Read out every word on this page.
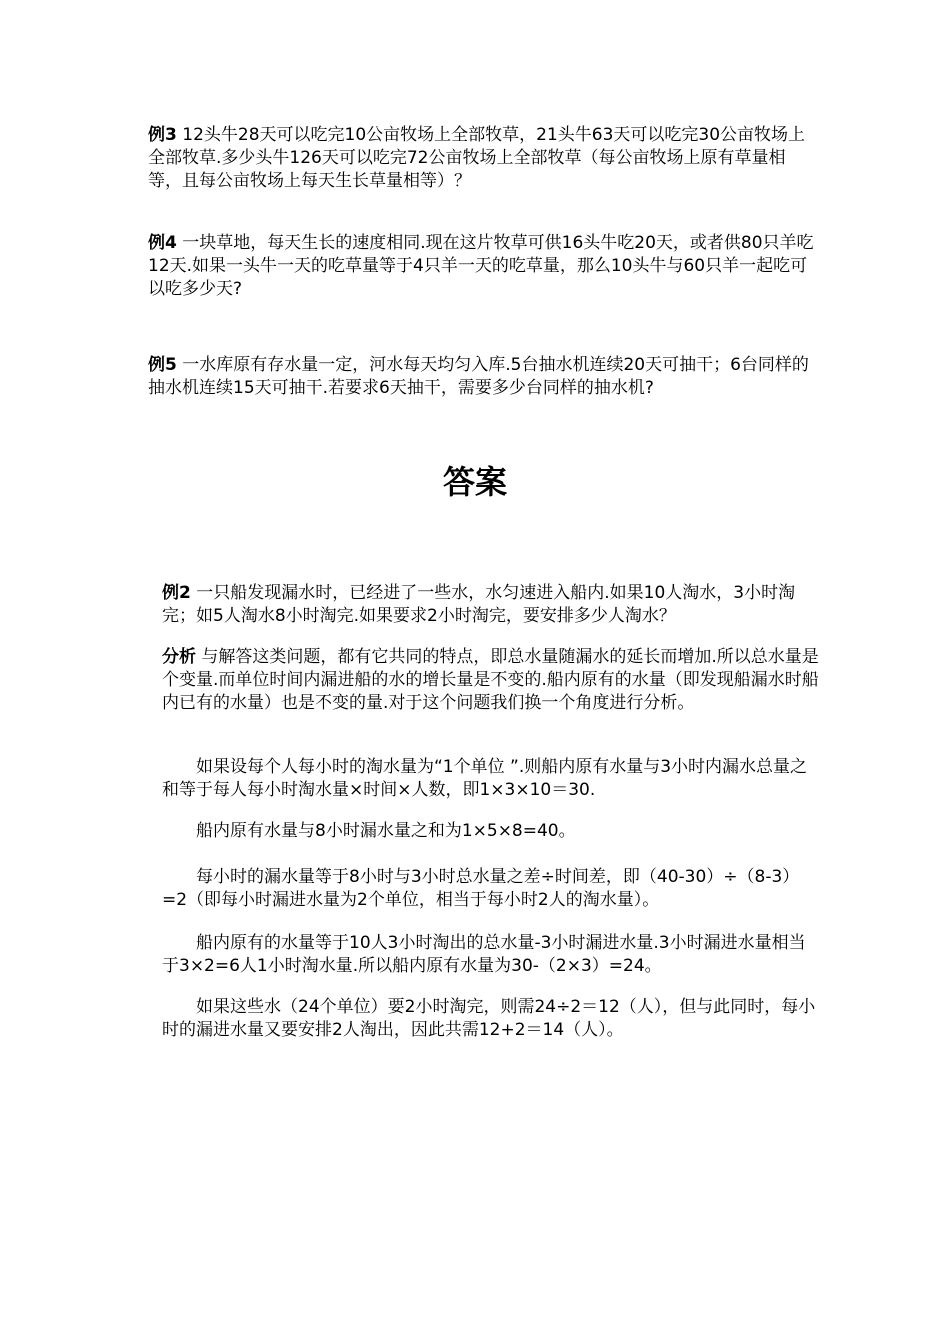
例3 12头牛28天可以吃完10公亩牧场上全部牧草，21头牛63天可以吃完30公亩牧场上全部牧草.多少头牛126天可以吃完72公亩牧场上全部牧草（每公亩牧场上原有草量相等，且每公亩牧场上每天生长草量相等）？

例4 一块草地，每天生长的速度相同.现在这片牧草可供16头牛吃20天，或者供80只羊吃12天.如果一头牛一天的吃草量等于4只羊一天的吃草量，那么10头牛与60只羊一起吃可以吃多少天?

例5 一水库原有存水量一定，河水每天均匀入库.5台抽水机连续20天可抽干；6台同样的抽水机连续15天可抽干.若要求6天抽干，需要多少台同样的抽水机?

答案

例2 一只船发现漏水时，已经进了一些水，水匀速进入船内.如果10人淘水，3小时淘完；如5人淘水8小时淘完.如果要求2小时淘完，要安排多少人淘水？

分析 与解答这类问题，都有它共同的特点，即总水量随漏水的延长而增加.所以总水量是个变量.而单位时间内漏进船的水的增长量是不变的.船内原有的水量（即发现船漏水时船内已有的水量）也是不变的量.对于这个问题我们换一个角度进行分析。

如果设每个人每小时的淘水量为“1个单位 ”.则船内原有水量与3小时内漏水总量之和等于每人每小时淘水量×时间×人数，即1×3×10＝30.

船内原有水量与8小时漏水量之和为1×5×8=40。

每小时的漏水量等于8小时与3小时总水量之差÷时间差，即（40-30）÷（8-3）=2（即每小时漏进水量为2个单位，相当于每小时2人的淘水量）。

船内原有的水量等于10人3小时淘出的总水量-3小时漏进水量.3小时漏进水量相当于3×2=6人1小时淘水量.所以船内原有水量为30-（2×3）=24。

如果这些水（24个单位）要2小时淘完，则需24÷2＝12（人），但与此同时，每小时的漏进水量又要安排2人淘出，因此共需12+2＝14（人）。
